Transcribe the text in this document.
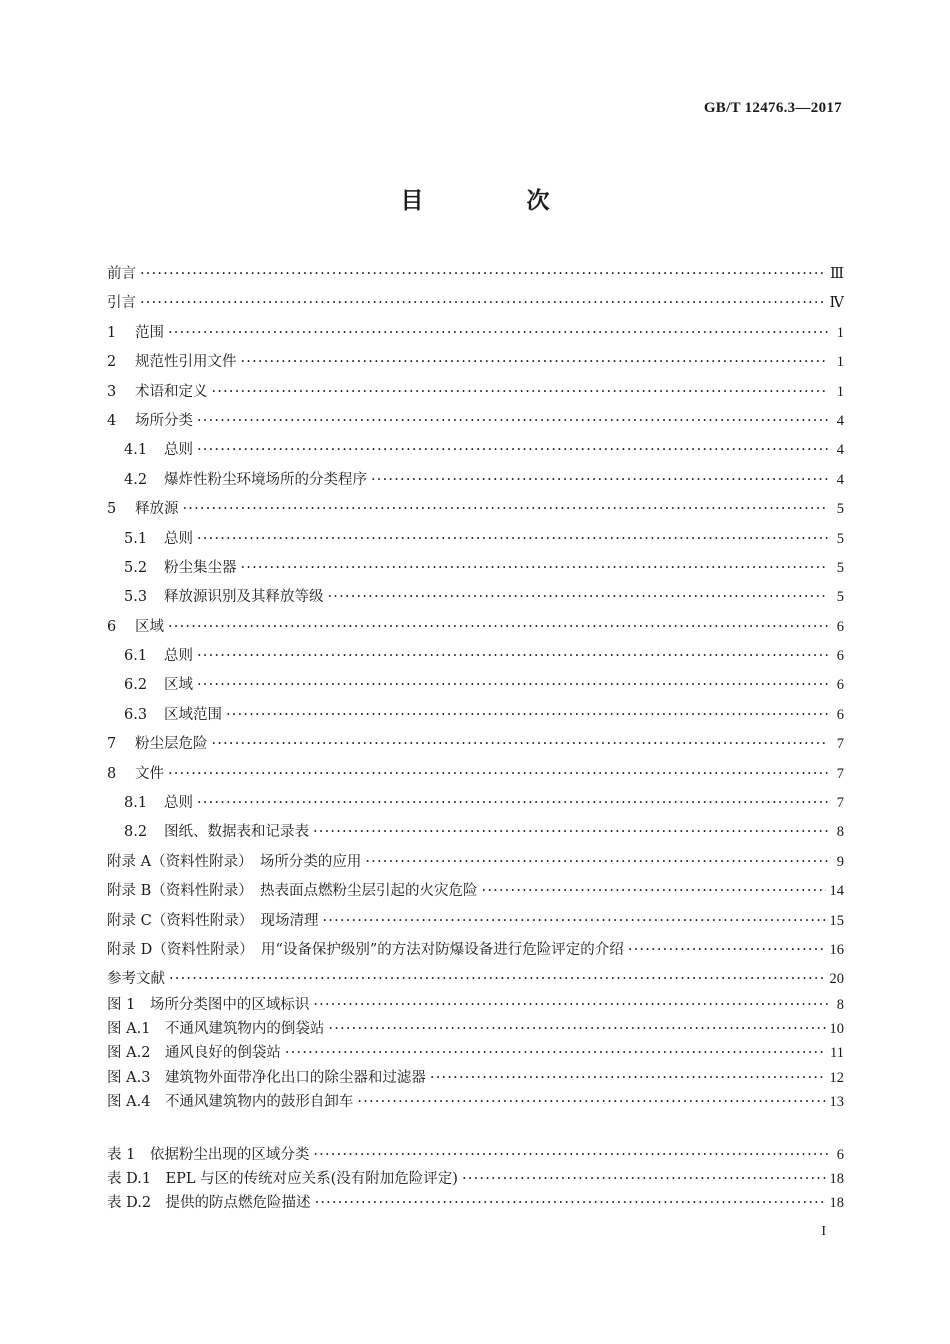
GB/T 12476.3—2017
目　次
前言 ·····	Ⅲ
引言 ·····	Ⅳ
1 范围 ·····	1
2 规范性引用文件 ·····	1
3 术语和定义 ·····	1
4 场所分类 ·····	4
4.1 总则 ·····	4
4.2 爆炸性粉尘环境场所的分类程序 ·····	4
5 释放源 ·····	5
5.1 总则 ·····	5
5.2 粉尘集尘器 ·····	5
5.3 释放源识别及其释放等级 ·····	5
6 区域 ·····	6
6.1 总则 ·····	6
6.2 区域 ·····	6
6.3 区域范围 ·····	6
7 粉尘层危险 ·····	7
8 文件 ·····	7
8.1 总则 ·····	7
8.2 图纸、数据表和记录表 ·····	8
附录 A（资料性附录）　场所分类的应用 ·····	9
附录 B（资料性附录）　热表面点燃粉尘层引起的火灾危险 ·····	14
附录 C（资料性附录）　现场清理 ·····	15
附录 D（资料性附录）　用“设备保护级别”的方法对防爆设备进行危险评定的介绍 ·····	16
参考文献 ·····	20
图 1　场所分类图中的区域标识 ·····	8
图 A.1　不通风建筑物内的倒袋站 ·····	10
图 A.2　通风良好的倒袋站 ·····	11
图 A.3　建筑物外面带净化出口的除尘器和过滤器 ·····	12
图 A.4　不通风建筑物内的鼓形自卸车 ·····	13
表 1　依据粉尘出现的区域分类 ·····	6
表 D.1　EPL 与区的传统对应关系(没有附加危险评定) ·····	18
表 D.2　提供的防点燃危险描述 ·····	18
I
